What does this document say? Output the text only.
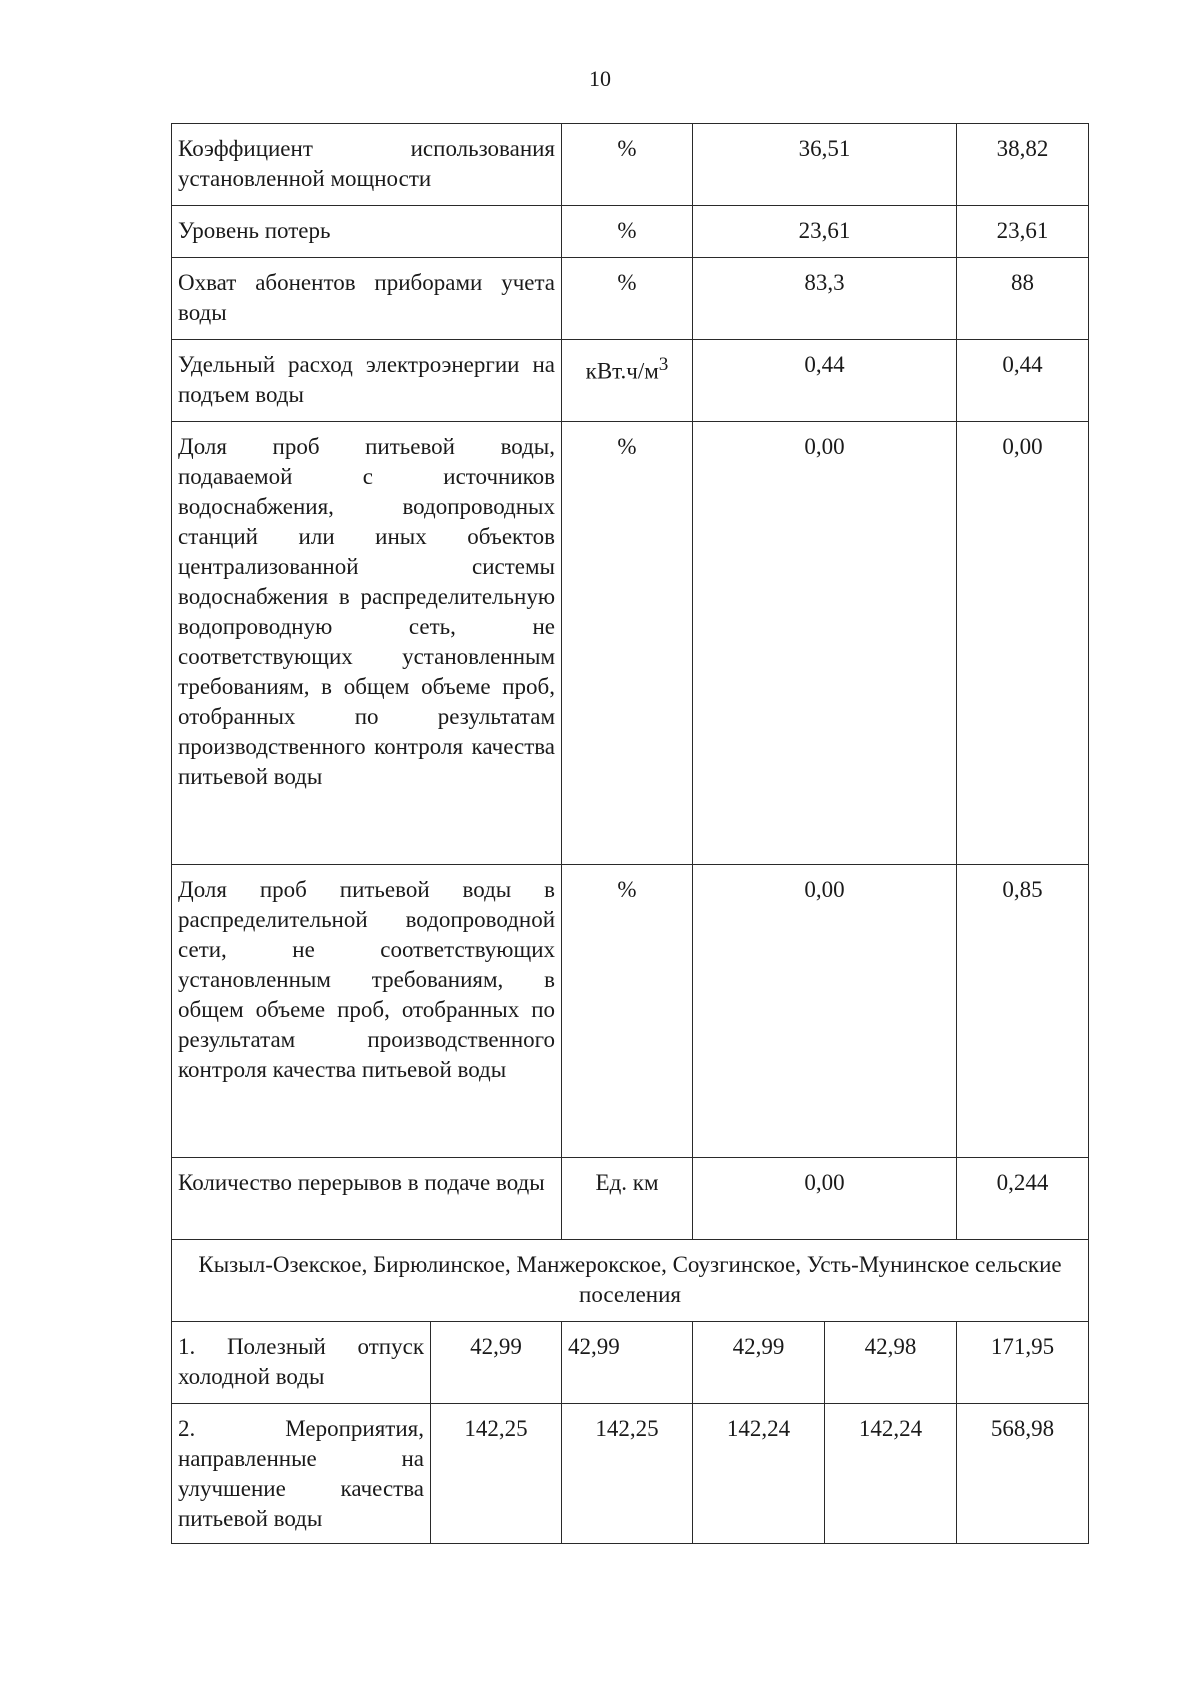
10
Коэффициент использования установленной мощности		%	36,51		38,82
Уровень потерь		%	23,61		23,61
Охват абонентов приборами учета воды		%	83,3		88
Удельный расход электроэнергии на подъем воды		$кВт.ч/м^3$	0,44		0,44
Доля проб питьевой воды, подаваемой с источников водоснабжения, водопроводных станций или иных объектов централизованной системы водоснабжения в распределительную водопроводную сеть, не соответствующих установленным требованиям, в общем объеме проб, отобранных по результатам производственного контроля качества питьевой воды		%	0,00		0,00
Доля проб питьевой воды в распределительной водопроводной сети, не соответствующих установленным требованиям, в общем объеме проб, отобранных по результатам производственного контроля качества питьевой воды		%	0,00		0,85
Количество перерывов в подаче воды		Ед. км	0,00		0,244
Кызыл-Озекское, Бирюлинское, Манжерокское, Соузгинское, Усть-Мунинское сельские поселения					
1. Полезный отпуск холодной воды	42,99	42,99	42,99	42,98	171,95
2. Мероприятия, направленные на улучшение качества питьевой воды	142,25	142,25	142,24	142,24	568,98
